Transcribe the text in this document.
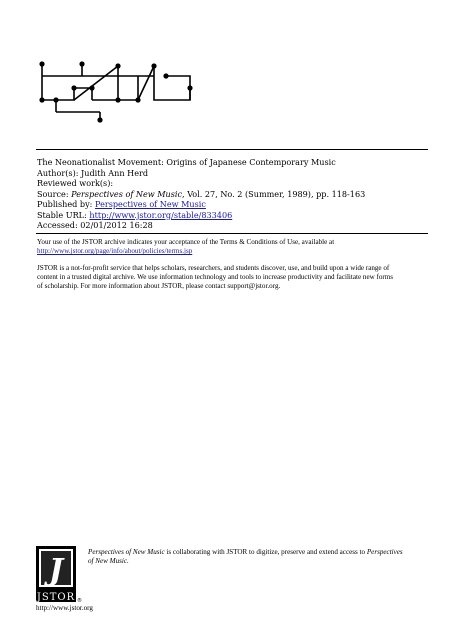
The Neonationalist Movement: Origins of Japanese Contemporary Music
Author(s): Judith Ann Herd
Reviewed work(s):
Source: Perspectives of New Music, Vol. 27, No. 2 (Summer, 1989), pp. 118-163
Published by: Perspectives of New Music
Stable URL: http://www.jstor.org/stable/833406
Accessed: 02/01/2012 16:28
Your use of the JSTOR archive indicates your acceptance of the Terms & Conditions of Use, available at
http://www.jstor.org/page/info/about/policies/terms.jsp
JSTOR is a not-for-profit service that helps scholars, researchers, and students discover, use, and build upon a wide range of
content in a trusted digital archive. We use information technology and tools to increase productivity and facilitate new forms
of scholarship. For more information about JSTOR, please contact support@jstor.org.
J
JSTOR ®
Perspectives of New Music is collaborating with JSTOR to digitize, preserve and extend access to Perspectives
of New Music.
http://www.jstor.org
